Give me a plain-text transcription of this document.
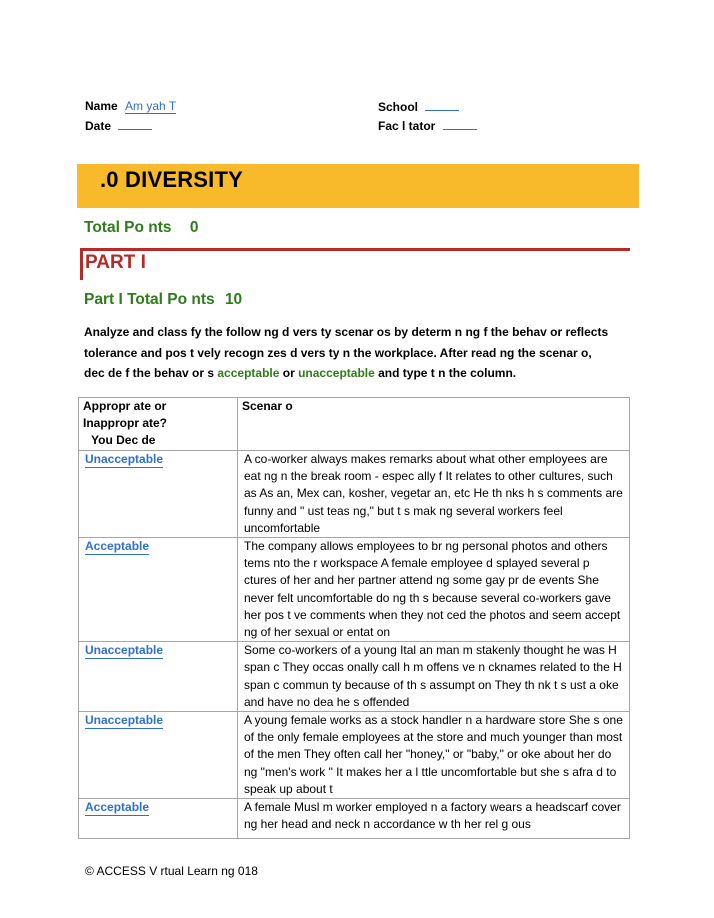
Name Am yah T
Date
School
Fac l tator
.0 DIVERSITY
Total Po nts 0
PART I
Part I Total Po nts 10
Analyze and class fy the follow ng d vers ty scenar os by determ n ng f the behav or reflects
tolerance and pos t vely recogn zes d vers ty n the workplace. After read ng the scenar o,
dec de f the behav or s acceptable or unacceptable and type t n the column.
Appropr ate or
Inappropr ate?
You Dec de	Scenar o
Unacceptable	A co-worker always makes remarks about what other employees are eat ng n the break room - espec ally f It relates to other cultures, such as As an, Mex can, kosher, vegetar an, etc He th nks h s comments are funny and " ust teas ng," but t s mak ng several workers feel uncomfortable
Acceptable	The company allows employees to br ng personal photos and others tems nto the r workspace A female employee d splayed several p ctures of her and her partner attend ng some gay pr de events She never felt uncomfortable do ng th s because several co-workers gave her pos t ve comments when they not ced the photos and seem accept ng of her sexual or entat on
Unacceptable	Some co-workers of a young Ital an man m stakenly thought he was H span c They occas onally call h m offens ve n cknames related to the H span c commun ty because of th s assumpt on They th nk t s ust a oke and have no dea he s offended
Unacceptable	A young female works as a stock handler n a hardware store She s one of the only female employees at the store and much younger than most of the men They often call her "honey," or "baby," or oke about her do ng "men's work " It makes her a l ttle uncomfortable but she s afra d to speak up about t
Acceptable	A female Musl m worker employed n a factory wears a headscarf cover ng her head and neck n accordance w th her rel g ous
© ACCESS V rtual Learn ng 018
